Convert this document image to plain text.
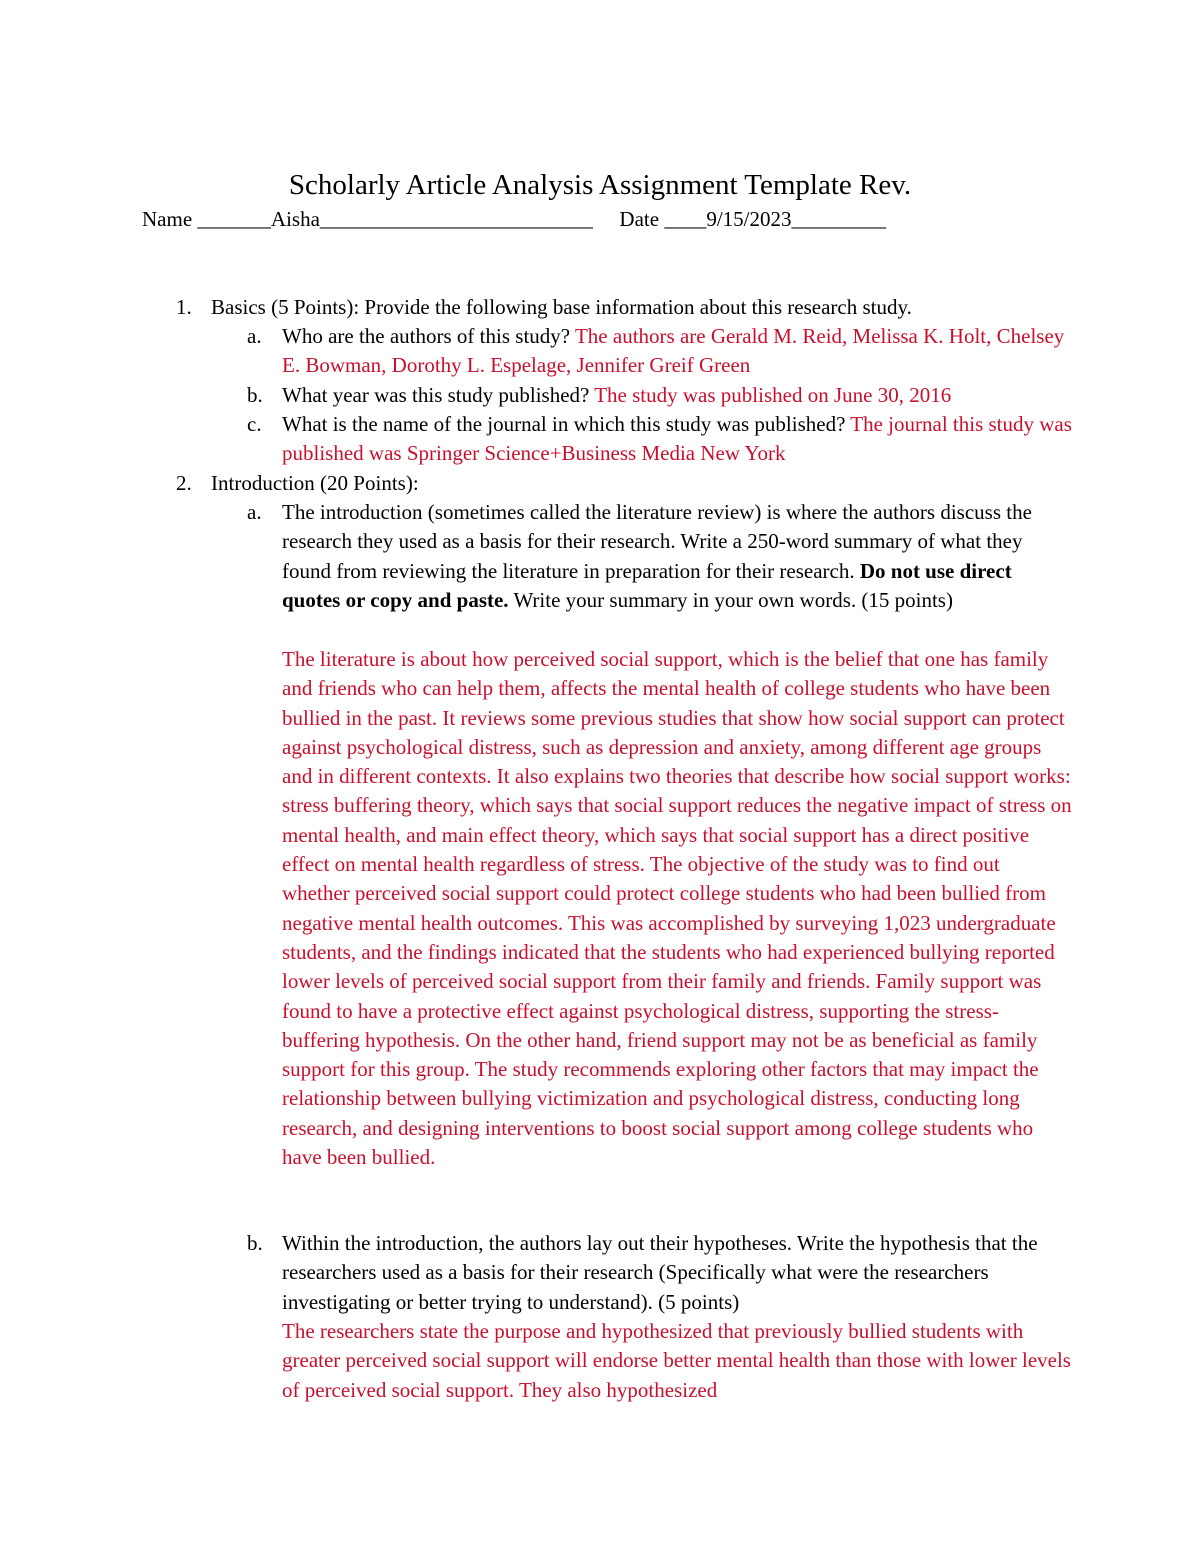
Scholarly Article Analysis Assignment Template Rev.
Name _______Aisha__________________________ Date ____9/15/2023_________
1. Basics (5 Points): Provide the following base information about this research study.
a. Who are the authors of this study? The authors are Gerald M. Reid, Melissa K. Holt, Chelsey E. Bowman, Dorothy L. Espelage, Jennifer Greif Green
b. What year was this study published? The study was published on June 30, 2016
c. What is the name of the journal in which this study was published? The journal this study was published was Springer Science+Business Media New York
2. Introduction (20 Points):
a. The introduction (sometimes called the literature review) is where the authors discuss the research they used as a basis for their research. Write a 250-word summary of what they found from reviewing the literature in preparation for their research. Do not use direct quotes or copy and paste. Write your summary in your own words. (15 points)
The literature is about how perceived social support, which is the belief that one has family and friends who can help them, affects the mental health of college students who have been bullied in the past. It reviews some previous studies that show how social support can protect against psychological distress, such as depression and anxiety, among different age groups and in different contexts. It also explains two theories that describe how social support works: stress buffering theory, which says that social support reduces the negative impact of stress on mental health, and main effect theory, which says that social support has a direct positive effect on mental health regardless of stress. The objective of the study was to find out whether perceived social support could protect college students who had been bullied from negative mental health outcomes. This was accomplished by surveying 1,023 undergraduate students, and the findings indicated that the students who had experienced bullying reported lower levels of perceived social support from their family and friends. Family support was found to have a protective effect against psychological distress, supporting the stress-buffering hypothesis. On the other hand, friend support may not be as beneficial as family support for this group. The study recommends exploring other factors that may impact the relationship between bullying victimization and psychological distress, conducting long research, and designing interventions to boost social support among college students who have been bullied.
b. Within the introduction, the authors lay out their hypotheses. Write the hypothesis that the researchers used as a basis for their research (Specifically what were the researchers investigating or better trying to understand). (5 points)
The researchers state the purpose and hypothesized that previously bullied students with greater perceived social support will endorse better mental health than those with lower levels of perceived social support. They also hypothesized
